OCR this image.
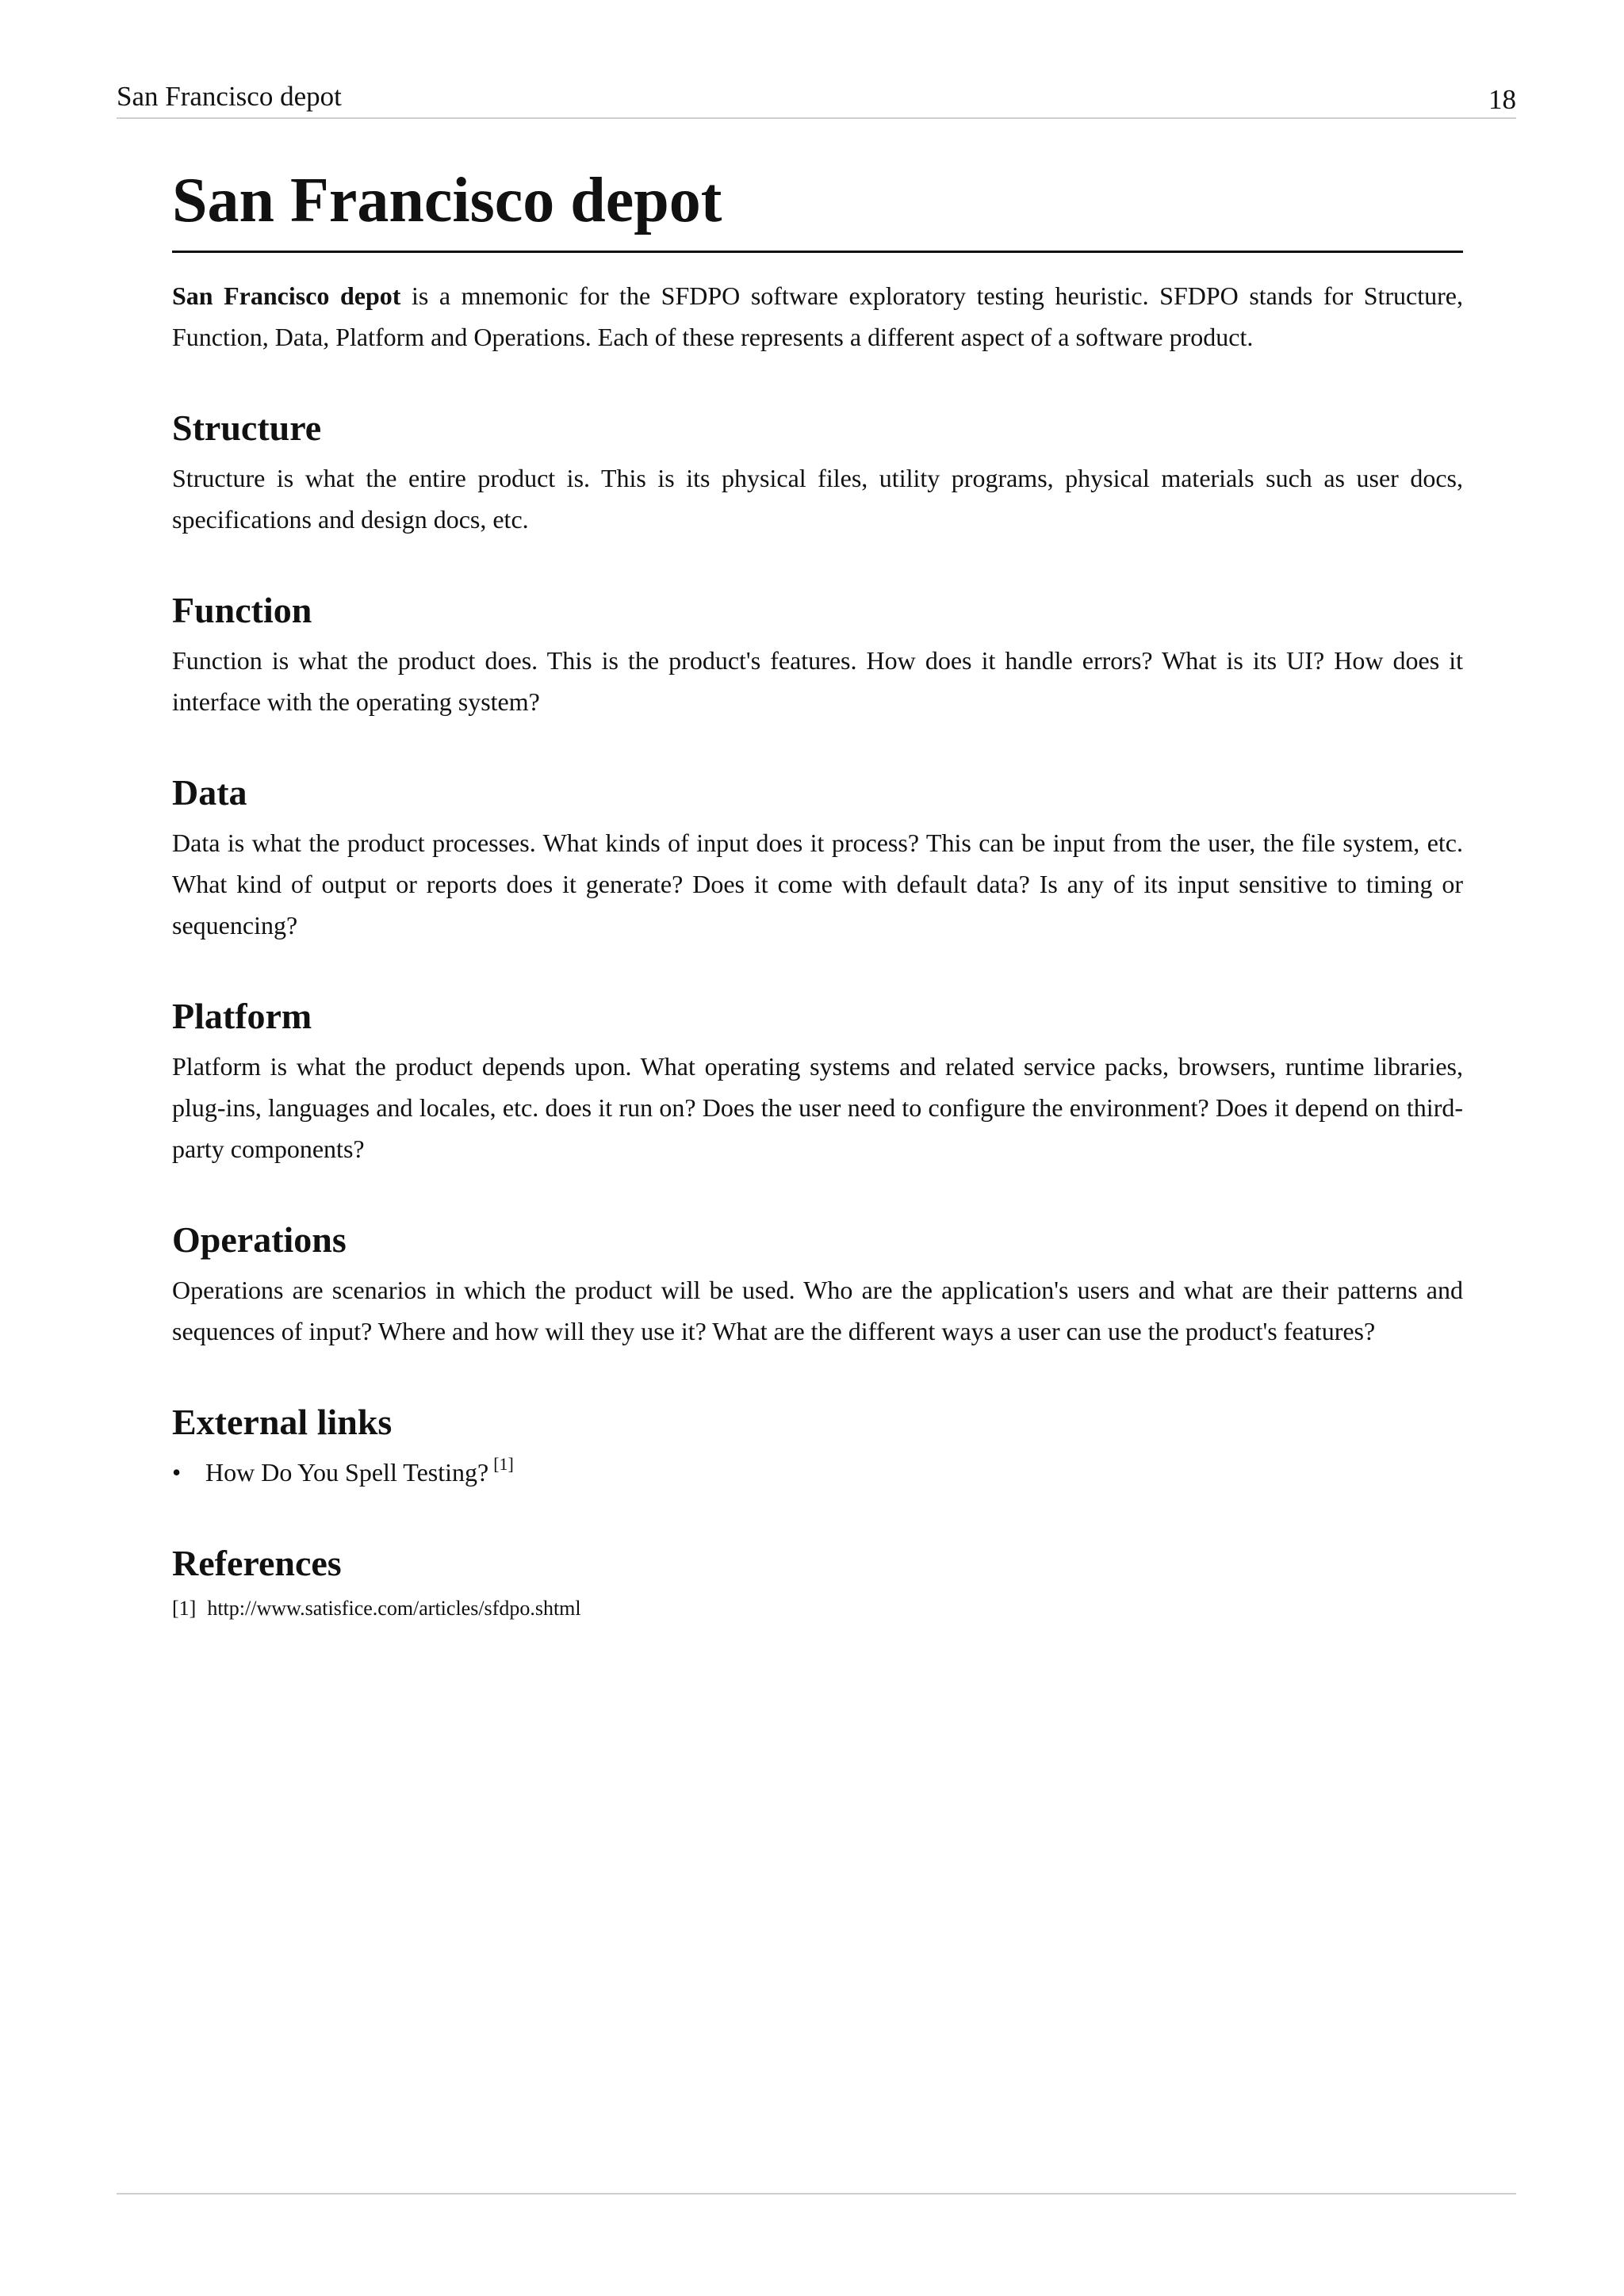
San Francisco depot	18
San Francisco depot

San Francisco depot is a mnemonic for the SFDPO software exploratory testing heuristic. SFDPO stands for Structure, Function, Data, Platform and Operations. Each of these represents a different aspect of a software product.

Structure

Structure is what the entire product is. This is its physical files, utility programs, physical materials such as user docs, specifications and design docs, etc.

Function

Function is what the product does. This is the product's features. How does it handle errors? What is its UI? How does it interface with the operating system?

Data

Data is what the product processes. What kinds of input does it process? This can be input from the user, the file system, etc. What kind of output or reports does it generate? Does it come with default data? Is any of its input sensitive to timing or sequencing?

Platform

Platform is what the product depends upon. What operating systems and related service packs, browsers, runtime libraries, plug-ins, languages and locales, etc. does it run on? Does the user need to configure the environment? Does it depend on third-party components?

Operations

Operations are scenarios in which the product will be used. Who are the application's users and what are their patterns and sequences of input? Where and how will they use it? What are the different ways a user can use the product's features?

External links
• How Do You Spell Testing? [1]
References

[1] http://www.satisfice.com/articles/sfdpo.shtml
